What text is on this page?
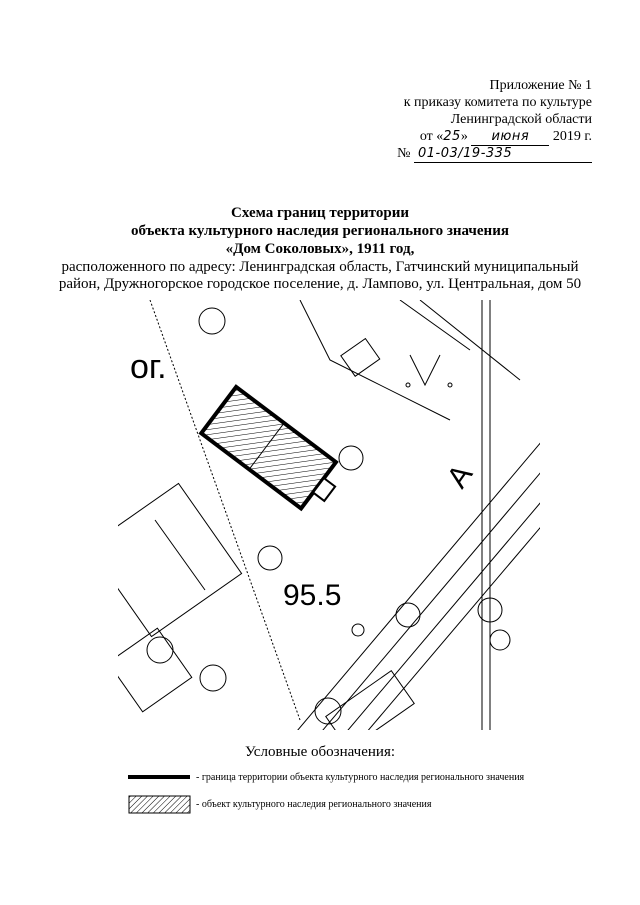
Приложение № 1
к приказу комитета по культуре
Ленинградской области
от «25» июня 2019 г.
№ 01-03/19-335
Схема границ территории
объекта культурного наследия регионального значения
«Дом Соколовых», 1911 год,
расположенного по адресу: Ленинградская область, Гатчинский муниципальный
район, Дружногорское городское поселение, д. Лампово, ул. Центральная, дом 50
ог.
95.5
А
Условные обозначения:
- граница территории объекта культурного наследия регионального значения
- объект культурного наследия регионального значения
